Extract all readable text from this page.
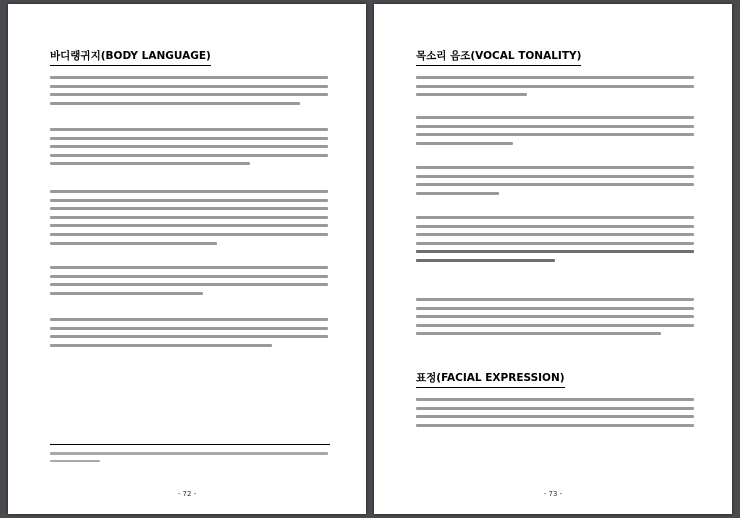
바디랭귀지(BODY LANGUAGE)
- 72 -
목소리 음조(VOCAL TONALITY)
표정(FACIAL EXPRESSION)
- 73 -
